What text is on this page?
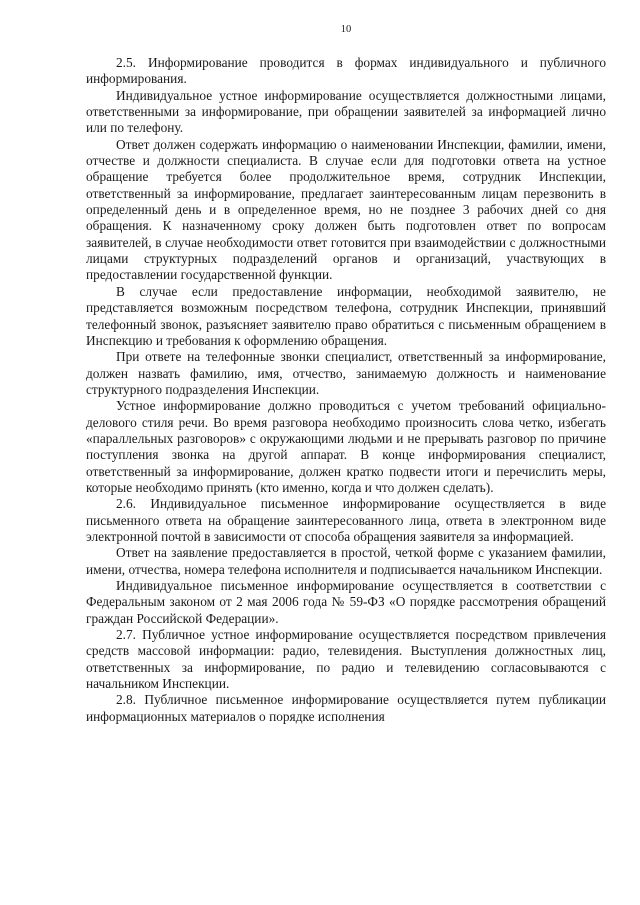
10

2.5. Информирование проводится в формах индивидуального и публичного информирования.

Индивидуальное устное информирование осуществляется должностными лицами, ответственными за информирование, при обращении заявителей за информацией лично или по телефону.

Ответ должен содержать информацию о наименовании Инспекции, фамилии, имени, отчестве и должности специалиста. В случае если для подготовки ответа на устное обращение требуется более продолжительное время, сотрудник Инспекции, ответственный за информирование, предлагает заинтересованным лицам перезвонить в определенный день и в определенное время, но не позднее 3 рабочих дней со дня обращения. К назначенному сроку должен быть подготовлен ответ по вопросам заявителей, в случае необходимости ответ готовится при взаимодействии с должностными лицами структурных подразделений органов и организаций, участвующих в предоставлении государственной функции.

В случае если предоставление информации, необходимой заявителю, не представляется возможным посредством телефона, сотрудник Инспекции, принявший телефонный звонок, разъясняет заявителю право обратиться с письменным обращением в Инспекцию и требования к оформлению обращения.

При ответе на телефонные звонки специалист, ответственный за информирование, должен назвать фамилию, имя, отчество, занимаемую должность и наименование структурного подразделения Инспекции.

Устное информирование должно проводиться с учетом требований официально-делового стиля речи. Во время разговора необходимо произносить слова четко, избегать «параллельных разговоров» с окружающими людьми и не прерывать разговор по причине поступления звонка на другой аппарат. В конце информирования специалист, ответственный за информирование, должен кратко подвести итоги и перечислить меры, которые необходимо принять (кто именно, когда и что должен сделать).

2.6. Индивидуальное письменное информирование осуществляется в виде письменного ответа на обращение заинтересованного лица, ответа в электронном виде электронной почтой в зависимости от способа обращения заявителя за информацией.

Ответ на заявление предоставляется в простой, четкой форме с указанием фамилии, имени, отчества, номера телефона исполнителя и подписывается начальником Инспекции.

Индивидуальное письменное информирование осуществляется в соответствии с Федеральным законом от 2 мая 2006 года № 59-ФЗ «О порядке рассмотрения обращений граждан Российской Федерации».

2.7. Публичное устное информирование осуществляется посредством привлечения средств массовой информации: радио, телевидения. Выступления должностных лиц, ответственных за информирование, по радио и телевидению согласовываются с начальником Инспекции.

2.8. Публичное письменное информирование осуществляется путем публикации информационных материалов о порядке исполнения
